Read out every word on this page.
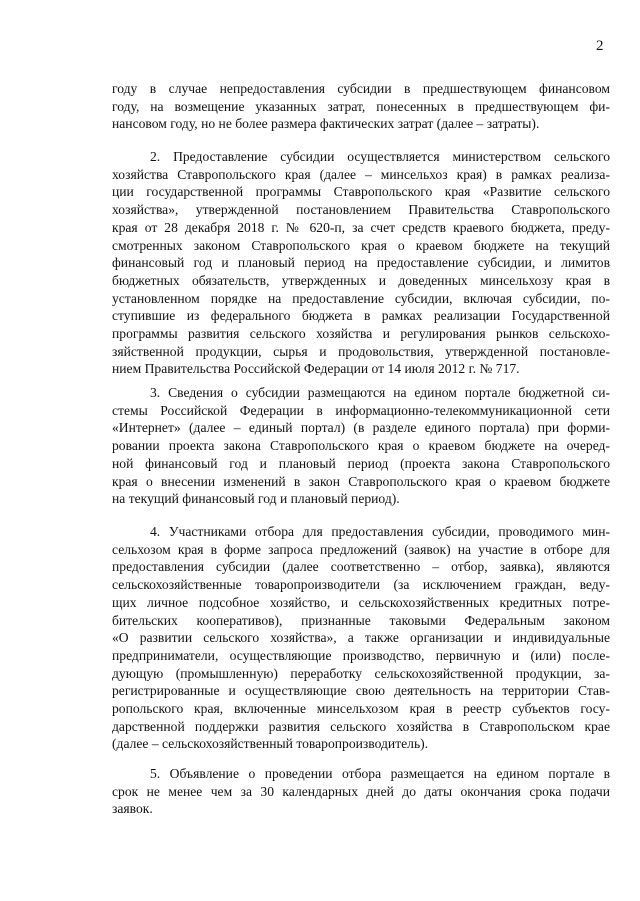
2
году в случае непредоставления субсидии в предшествующем финансовом
году, на возмещение указанных затрат, понесенных в предшествующем фи-
нансовом году, но не более размера фактических затрат (далее – затраты).
2. Предоставление субсидии осуществляется министерством сельского
хозяйства Ставропольского края (далее – минсельхоз края) в рамках реализа-
ции государственной программы Ставропольского края «Развитие сельского
хозяйства», утвержденной постановлением Правительства Ставропольского
края от 28 декабря 2018 г. № 620-п, за счет средств краевого бюджета, преду-
смотренных законом Ставропольского края о краевом бюджете на текущий
финансовый год и плановый период на предоставление субсидии, и лимитов
бюджетных обязательств, утвержденных и доведенных минсельхозу края в
установленном порядке на предоставление субсидии, включая субсидии, по-
ступившие из федерального бюджета в рамках реализации Государственной
программы развития сельского хозяйства и регулирования рынков сельскохо-
зяйственной продукции, сырья и продовольствия, утвержденной постановле-
нием Правительства Российской Федерации от 14 июля 2012 г. № 717.
3. Сведения о субсидии размещаются на едином портале бюджетной си-
стемы Российской Федерации в информационно-телекоммуникационной сети
«Интернет» (далее – единый портал) (в разделе единого портала) при форми-
ровании проекта закона Ставропольского края о краевом бюджете на очеред-
ной финансовый год и плановый период (проекта закона Ставропольского
края о внесении изменений в закон Ставропольского края о краевом бюджете
на текущий финансовый год и плановый период).
4. Участниками отбора для предоставления субсидии, проводимого мин-
сельхозом края в форме запроса предложений (заявок) на участие в отборе для
предоставления субсидии (далее соответственно – отбор, заявка), являются
сельскохозяйственные товаропроизводители (за исключением граждан, веду-
щих личное подсобное хозяйство, и сельскохозяйственных кредитных потре-
бительских кооперативов), признанные таковыми Федеральным законом
«О развитии сельского хозяйства», а также организации и индивидуальные
предприниматели, осуществляющие производство, первичную и (или) после-
дующую (промышленную) переработку сельскохозяйственной продукции, за-
регистрированные и осуществляющие свою деятельность на территории Став-
ропольского края, включенные минсельхозом края в реестр субъектов госу-
дарственной поддержки развития сельского хозяйства в Ставропольском крае
(далее – сельскохозяйственный товаропроизводитель).
5. Объявление о проведении отбора размещается на едином портале в
срок не менее чем за 30 календарных дней до даты окончания срока подачи
заявок.
